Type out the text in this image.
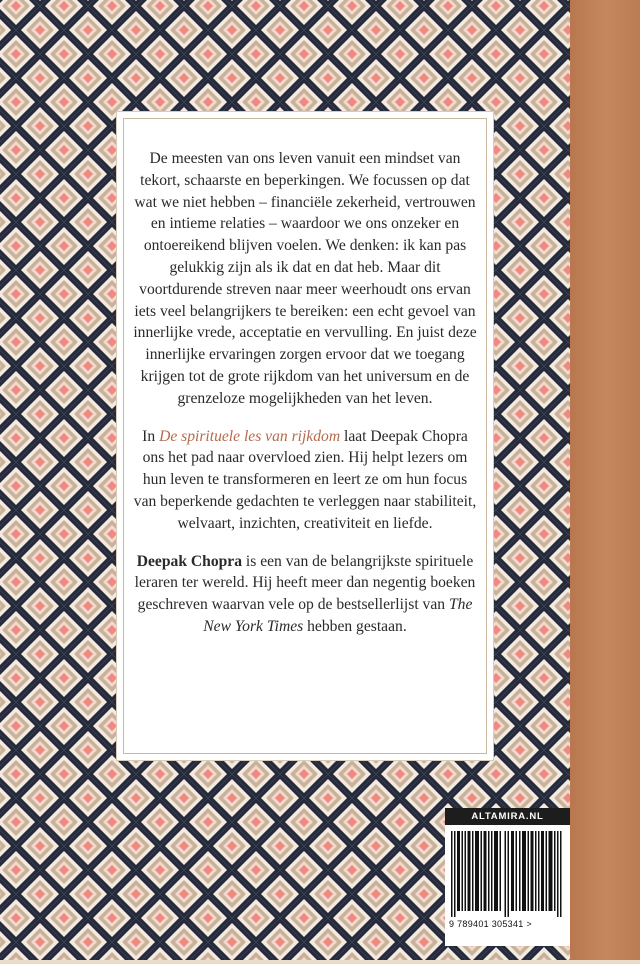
De meesten van ons leven vanuit een mindset van tekort, schaarste en beperkingen. We focussen op dat wat we niet hebben – financiële zekerheid, vertrouwen en intieme relaties – waardoor we ons onzeker en ontoereikend blijven voelen. We denken: ik kan pas gelukkig zijn als ik dat en dat heb. Maar dit voortdurende streven naar meer weerhoudt ons ervan iets veel belangrijkers te bereiken: een echt gevoel van innerlijke vrede, acceptatie en vervulling. En juist deze innerlijke ervaringen zorgen ervoor dat we toegang krijgen tot de grote rijkdom van het universum en de grenzeloze mogelijkheden van het leven.

In De spirituele les van rijkdom laat Deepak Chopra ons het pad naar overvloed zien. Hij helpt lezers om hun leven te transformeren en leert ze om hun focus van beperkende gedachten te verleggen naar stabiliteit, welvaart, inzichten, creativiteit en liefde.

Deepak Chopra is een van de belangrijkste spirituele leraren ter wereld. Hij heeft meer dan negentig boeken geschreven waarvan vele op de bestsellerlijst van The New York Times hebben gestaan.

ALTAMIRA.NL
9 789401 305341 >
